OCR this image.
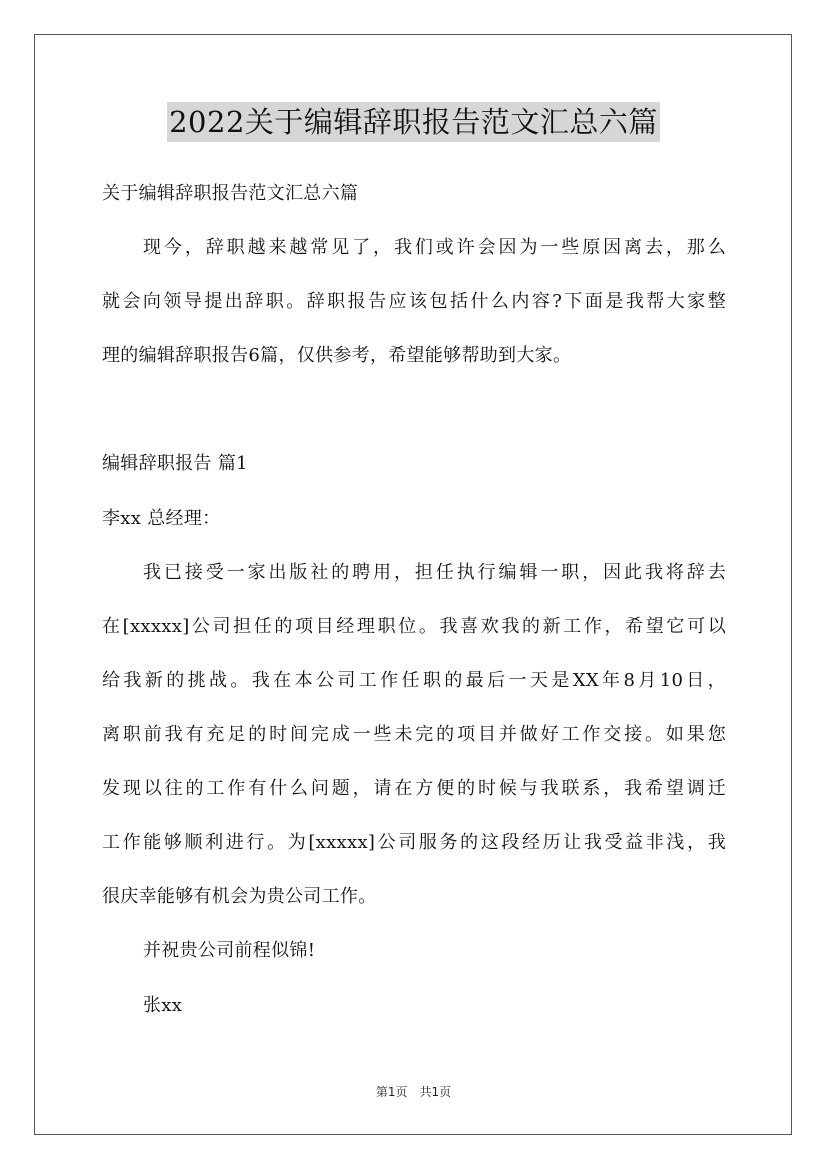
2022关于编辑辞职报告范文汇总六篇
关于编辑辞职报告范文汇总六篇
现今，辞职越来越常见了，我们或许会因为一些原因离去，那么
就会向领导提出辞职。辞职报告应该包括什么内容?下面是我帮大家整
理的编辑辞职报告6篇，仅供参考，希望能够帮助到大家。
编辑辞职报告 篇1
李xx 总经理：
我已接受一家出版社的聘用，担任执行编辑一职，因此我将辞去
在[xxxxx]公司担任的项目经理职位。我喜欢我的新工作，希望它可以
给我新的挑战。我在本公司工作任职的最后一天是XX年8月10日，
离职前我有充足的时间完成一些未完的项目并做好工作交接。如果您
发现以往的工作有什么问题，请在方便的时候与我联系，我希望调迁
工作能够顺利进行。为[xxxxx]公司服务的这段经历让我受益非浅，我
很庆幸能够有机会为贵公司工作。
并祝贵公司前程似锦!
张xx
第1页 共1页
